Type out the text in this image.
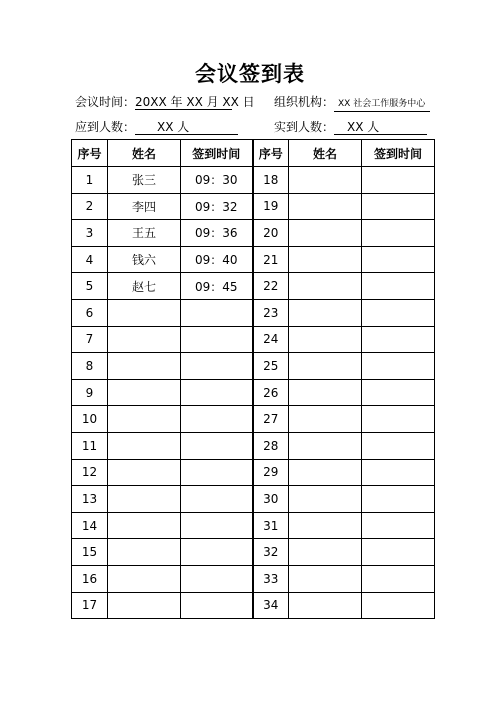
会议签到表
会议时间：20XX 年 XX 月 XX 日 组织机构： XX 社会工作服务中心
应到人数： XX 人	实到人数： XX 人
序号	姓名	签到时间	序号	姓名	签到时间
1	张三	09：30	18		
2	李四	09：32	19		
3	王五	09：36	20		
4	钱六	09：40	21		
5	赵七	09：45	22		
6			23		
7			24		
8			25		
9			26		
10			27		
11			28		
12			29		
13			30		
14			31		
15			32		
16			33		
17			34		
